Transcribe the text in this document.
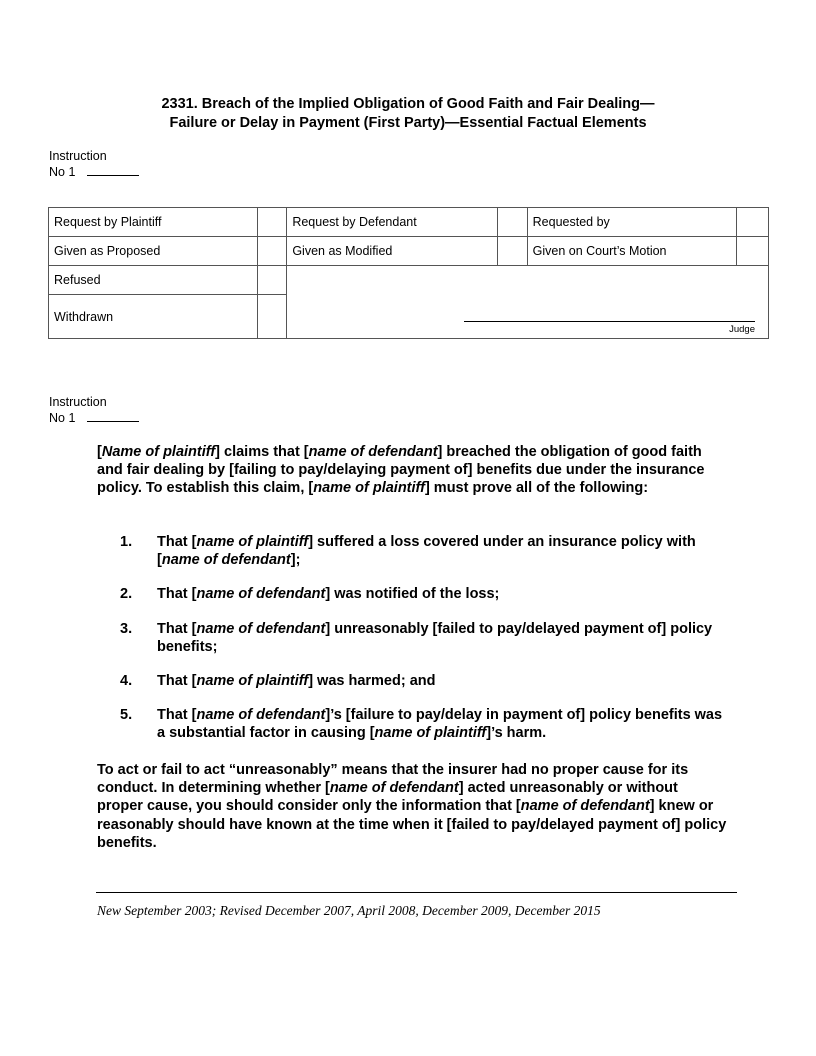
2331. Breach of the Implied Obligation of Good Faith and Fair Dealing—
Failure or Delay in Payment (First Party)—Essential Factual Elements
Instruction
No 1
Request by Plaintiff		Request by Defendant		Requested by	
Given as Proposed		Given as Modified		Given on Court’s Motion	
Refused		Judge			

Withdrawn					
Instruction
No 1

[Name of plaintiff] claims that [name of defendant] breached the obligation of good faith and fair dealing by [failing to pay/delaying payment of] benefits due under the insurance policy. To establish this claim, [name of plaintiff] must prove all of the following:

1.	That [name of plaintiff] suffered a loss covered under an insurance policy with [name of defendant];
2.	That [name of defendant] was notified of the loss;
3.	That [name of defendant] unreasonably [failed to pay/delayed payment of] policy benefits;
4.	That [name of plaintiff] was harmed; and
5.	That [name of defendant]’s [failure to pay/delay in payment of] policy benefits was a substantial factor in causing [name of plaintiff]’s harm.

To act or fail to act “unreasonably” means that the insurer had no proper cause for its conduct. In determining whether [name of defendant] acted unreasonably or without proper cause, you should consider only the information that [name of defendant] knew or reasonably should have known at the time when it [failed to pay/delayed payment of] policy benefits.

New September 2003; Revised December 2007, April 2008, December 2009, December 2015
